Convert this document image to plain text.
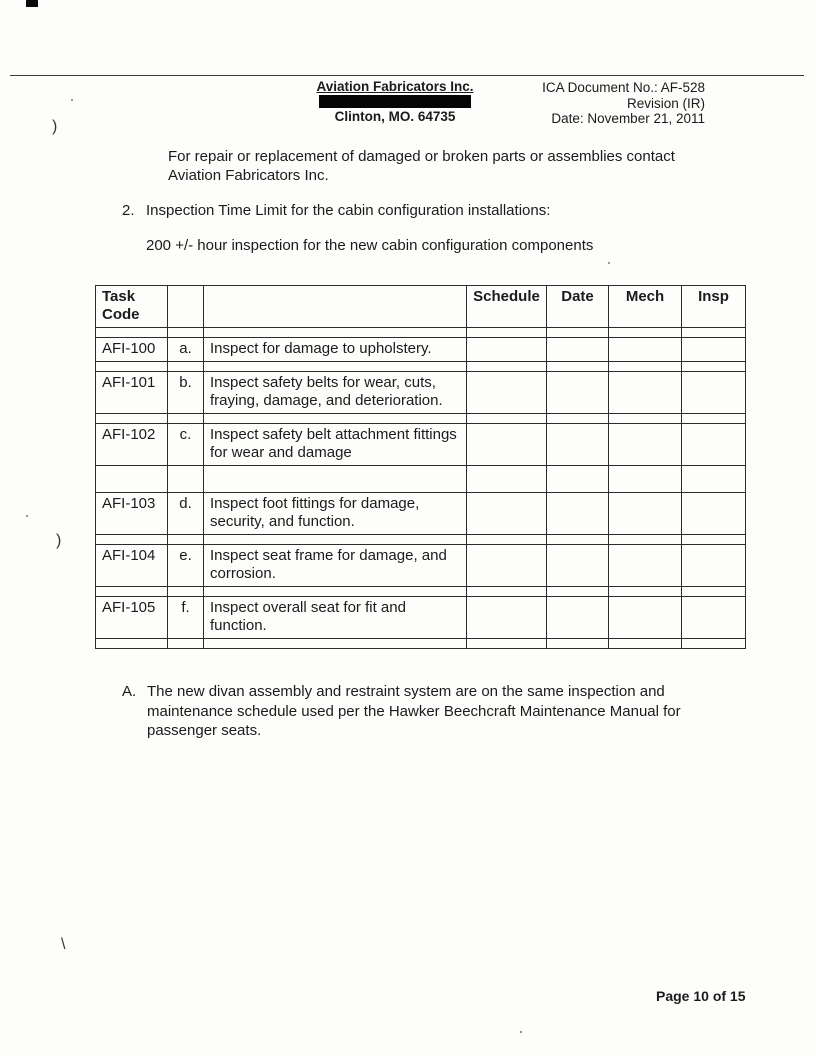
Aviation Fabricators Inc.
Clinton, MO. 64735
ICA Document No.: AF-528
Revision (IR)
Date: November 21, 2011
For repair or replacement of damaged or broken parts or assemblies contact Aviation Fabricators Inc.
2. Inspection Time Limit for the cabin configuration installations:
200 +/- hour inspection for the new cabin configuration components
Task Code			Schedule	Date	Mech	Insp

AFI-100	a.	Inspect for damage to upholstery.				

AFI-101	b.	Inspect safety belts for wear, cuts, fraying, damage, and deterioration.				

AFI-102	c.	Inspect safety belt attachment fittings for wear and damage				

AFI-103	d.	Inspect foot fittings for damage, security, and function.				

AFI-104	e.	Inspect seat frame for damage, and corrosion.				

AFI-105	f.	Inspect overall seat for fit and function.				

A. The new divan assembly and restraint system are on the same inspection and maintenance schedule used per the Hawker Beechcraft Maintenance Manual for passenger seats.
Page 10 of 15
)
)
\
